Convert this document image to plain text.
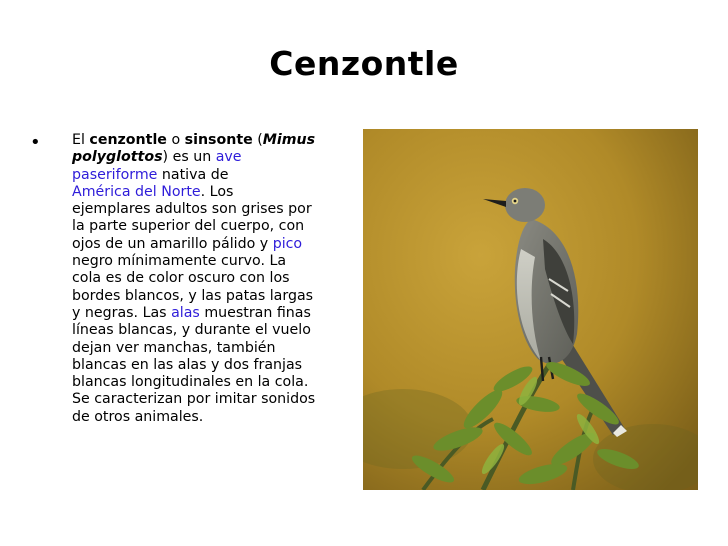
Cenzontle
• El cenzontle o sinsonte (Mimus
polyglottos) es un ave
paseriforme nativa de
América del Norte. Los
ejemplares adultos son grises por
la parte superior del cuerpo, con
ojos de un amarillo pálido y pico
negro mínimamente curvo. La
cola es de color oscuro con los
bordes blancos, y las patas largas
y negras. Las alas muestran finas
líneas blancas, y durante el vuelo
dejan ver manchas, también
blancas en las alas y dos franjas
blancas longitudinales en la cola.
Se caracterizan por imitar sonidos
de otros animales.
